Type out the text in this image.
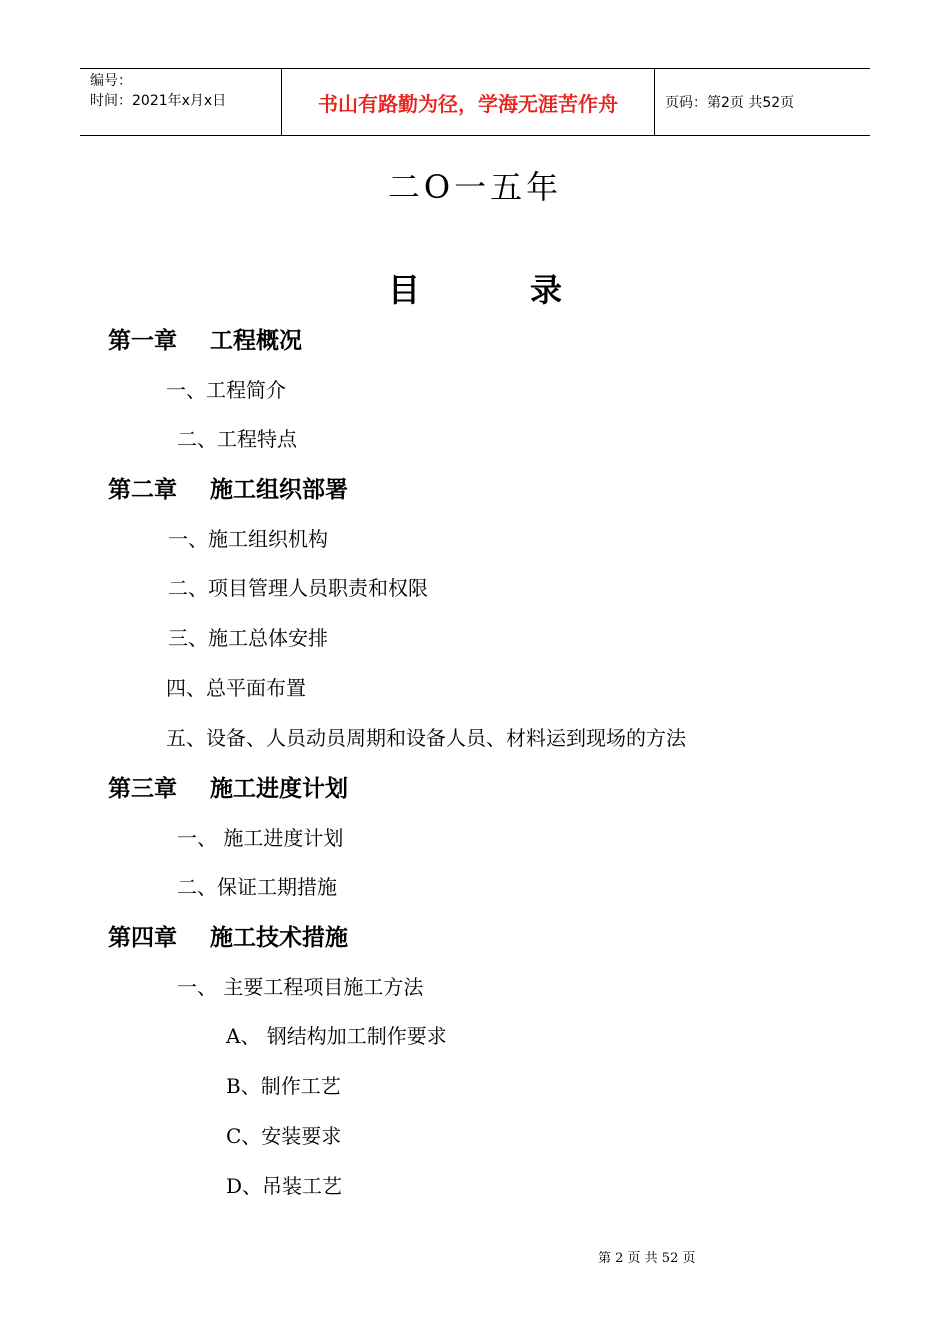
编号：
时间：2021年x月x日	书山有路勤为径，学海无涯苦作舟	页码：第2页 共52页
二O一五年
目	录
第一章 工程概况
一、工程简介
二、工程特点
第二章 施工组织部署
一、施工组织机构
二、项目管理人员职责和权限
三、施工总体安排
四、总平面布置
五、设备、人员动员周期和设备人员、材料运到现场的方法
第三章 施工进度计划
一、 施工进度计划
二、保证工期措施
第四章 施工技术措施
一、 主要工程项目施工方法
A、 钢结构加工制作要求
B、制作工艺
C、安装要求
D、吊装工艺
第 2 页 共 52 页
